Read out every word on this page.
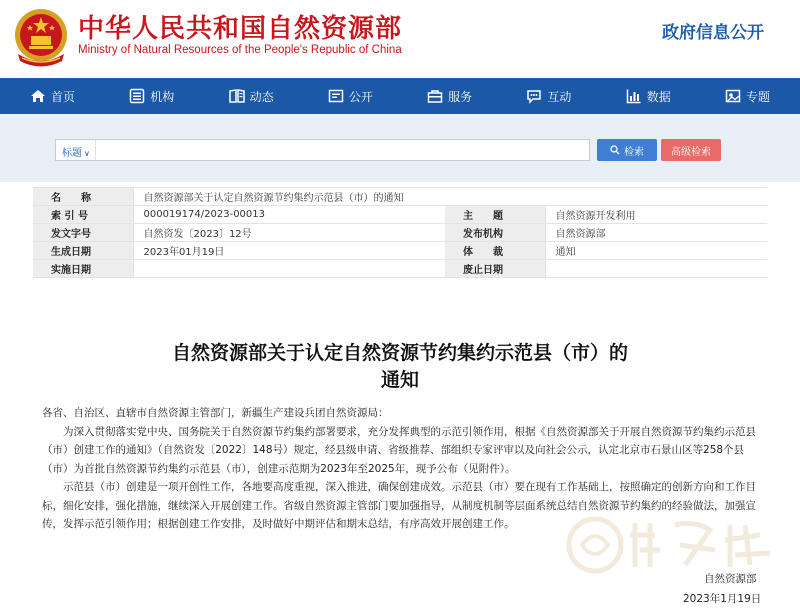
中华人民共和国自然资源部
Ministry of Natural Resources of the People's Republic of China
政府信息公开
首页	机构	动态	公开	服务	互动	数据	专题
标题 ∨	检索	高级检索
名　　称	自然资源部关于认定自然资源节约集约示范县（市）的通知		
索 引 号	000019174/2023-00013	主　　题	自然资源开发利用
发文字号	自然资发〔2023〕12号	发布机构	自然资源部
生成日期	2023年01月19日	体　　裁	通知
实施日期		废止日期	
自然资源部关于认定自然资源节约集约示范县（市）的
通知

各省、自治区、直辖市自然资源主管部门，新疆生产建设兵团自然资源局：

为深入贯彻落实党中央、国务院关于自然资源节约集约部署要求，充分发挥典型的示范引领作用，根据《自然资源部关于开展自然资源节约集约示范县（市）创建工作的通知》（自然资发〔2022〕148号）规定，经县级申请、省级推荐、部组织专家评审以及向社会公示，认定北京市石景山区等258个县（市）为首批自然资源节约集约示范县（市），创建示范期为2023年至2025年，现予公布（见附件）。

示范县（市）创建是一项开创性工作，各地要高度重视，深入推进，确保创建成效。示范县（市）要在现有工作基础上，按照确定的创新方向和工作目标，细化安排，强化措施，继续深入开展创建工作。省级自然资源主管部门要加强指导，从制度机制等层面系统总结自然资源节约集约的经验做法，加强宣传，发挥示范引领作用；根据创建工作安排，及时做好中期评估和期末总结，有序高效开展创建工作。

自然资源部
2023年1月19日
